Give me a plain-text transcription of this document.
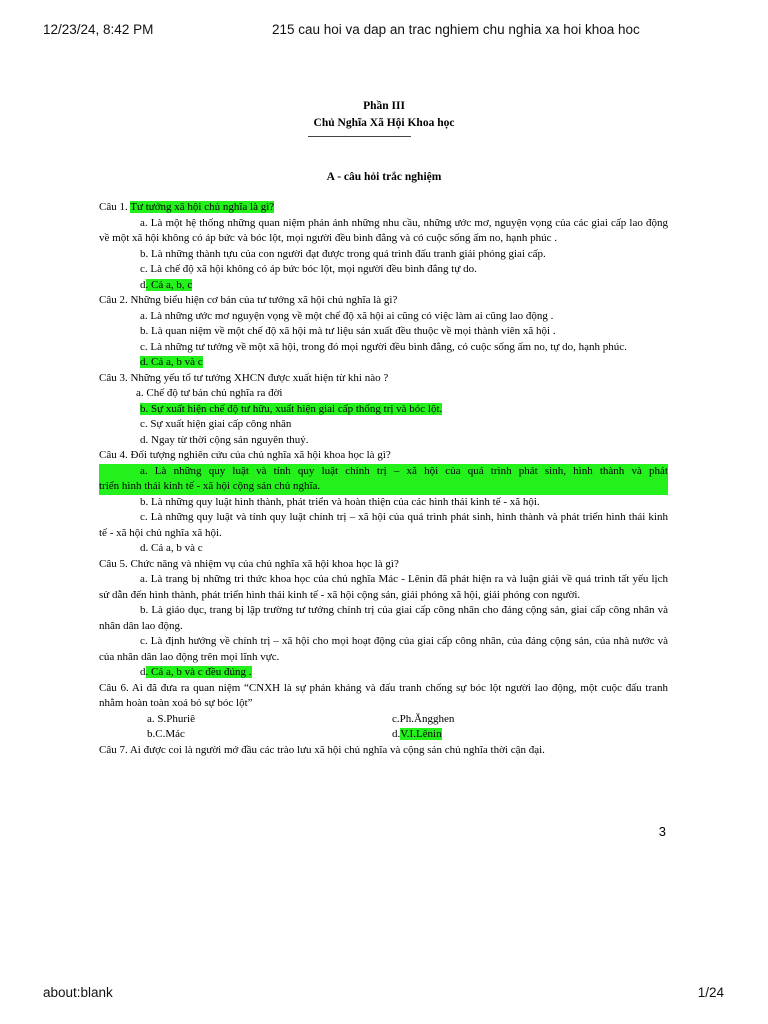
12/23/24, 8:42 PM	215 cau hoi va dap an trac nghiem chu nghia xa hoi khoa hoc
Phần III
Chủ Nghĩa Xã Hội Khoa học
A - câu hỏi trắc nghiệm

Câu 1. Tư tưởng xã hội chủ nghĩa là gì?

a. Là một hệ thống những quan niệm phản ánh những nhu cầu, những ước mơ, nguyện vọng của các giai cấp lao động về một xã hội không có áp bức và bóc lột, mọi người đều bình đẳng và có cuộc sống ấm no, hạnh phúc .

b. Là những thành tựu của con người đạt được trong quá trình đấu tranh giải phóng giai cấp.

c. Là chế độ xã hội không có áp bức bóc lột, mọi người đều bình đẳng tự do.

d. Cả a, b, c

Câu 2. Những biểu hiện cơ bản của tư tưởng xã hội chủ nghĩa là gì?

a. Là những ước mơ nguyện vọng về một chế độ xã hội ai cũng có việc làm ai cũng lao động .

b. Là quan niệm về một chế độ xã hội mà tư liệu sản xuất đều thuộc về mọi thành viên xã hội .

c. Là những tư tưởng về một xã hội, trong đó mọi người đều bình đẳng, có cuộc sống ấm no, tự do, hạnh phúc.

d. Cả a, b và c

Câu 3. Những yếu tố tư tưởng XHCN được xuất hiện từ khi nào ?

a. Chế độ tư bản chủ nghĩa ra đời

b. Sự xuất hiện chế độ tư hữu, xuất hiện giai cấp thống trị và bóc lột.

c. Sự xuất hiện giai cấp công nhân

d. Ngay từ thời cộng sản nguyên thuỷ.

Câu 4. Đối tượng nghiên cứu của chủ nghĩa xã hội khoa học là gì?

a. Là những quy luật và tính quy luật chính trị – xã hội của quá trình phát sinh, hình thành và phát
triển hình thái kinh tế - xã hội cộng sản chủ nghĩa.

b. Là những quy luật hình thành, phát triển và hoàn thiện của các hình thái kinh tế - xã hội.

c. Là những quy luật và tính quy luật chính trị – xã hội của quá trình phát sinh, hình thành và phát triển hình thái kinh tế - xã hội chủ nghĩa xã hội.

d. Cả a, b và c

Câu 5. Chức năng và nhiệm vụ của chủ nghĩa xã hội khoa học là gì?

a. Là trang bị những tri thức khoa học của chủ nghĩa Mác - Lênin đã phát hiện ra và luận giải về quá trình tất yếu lịch sử dẫn đến hình thành, phát triển hình thái kinh tế - xã hội cộng sản, giải phóng xã hội, giải phóng con người.

b. Là giáo dục, trang bị lập trường tư tưởng chính trị của giai cấp công nhân cho đảng cộng sản, giai cấp công nhân và nhân dân lao động.

c. Là định hướng về chính trị – xã hội cho mọi hoạt động của giai cấp công nhân, của đảng cộng sản, của nhà nước và của nhân dân lao động trên mọi lĩnh vực.

d. Cả a, b và c đều đúng .

Câu 6. Ai đã đưa ra quan niệm “CNXH là sự phản kháng và đấu tranh chống sự bóc lột người lao động, một cuộc đấu tranh nhằm hoàn toàn xoá bỏ sự bóc lột”

a. S.Phuriê	c.Ph.Ăngghen
b.C.Mác	d.V.I.Lênin

Câu 7. Ai được coi là người mở đầu các trào lưu xã hội chủ nghĩa và cộng sản chủ nghĩa thời cận đại.

3
about:blank	1/24
